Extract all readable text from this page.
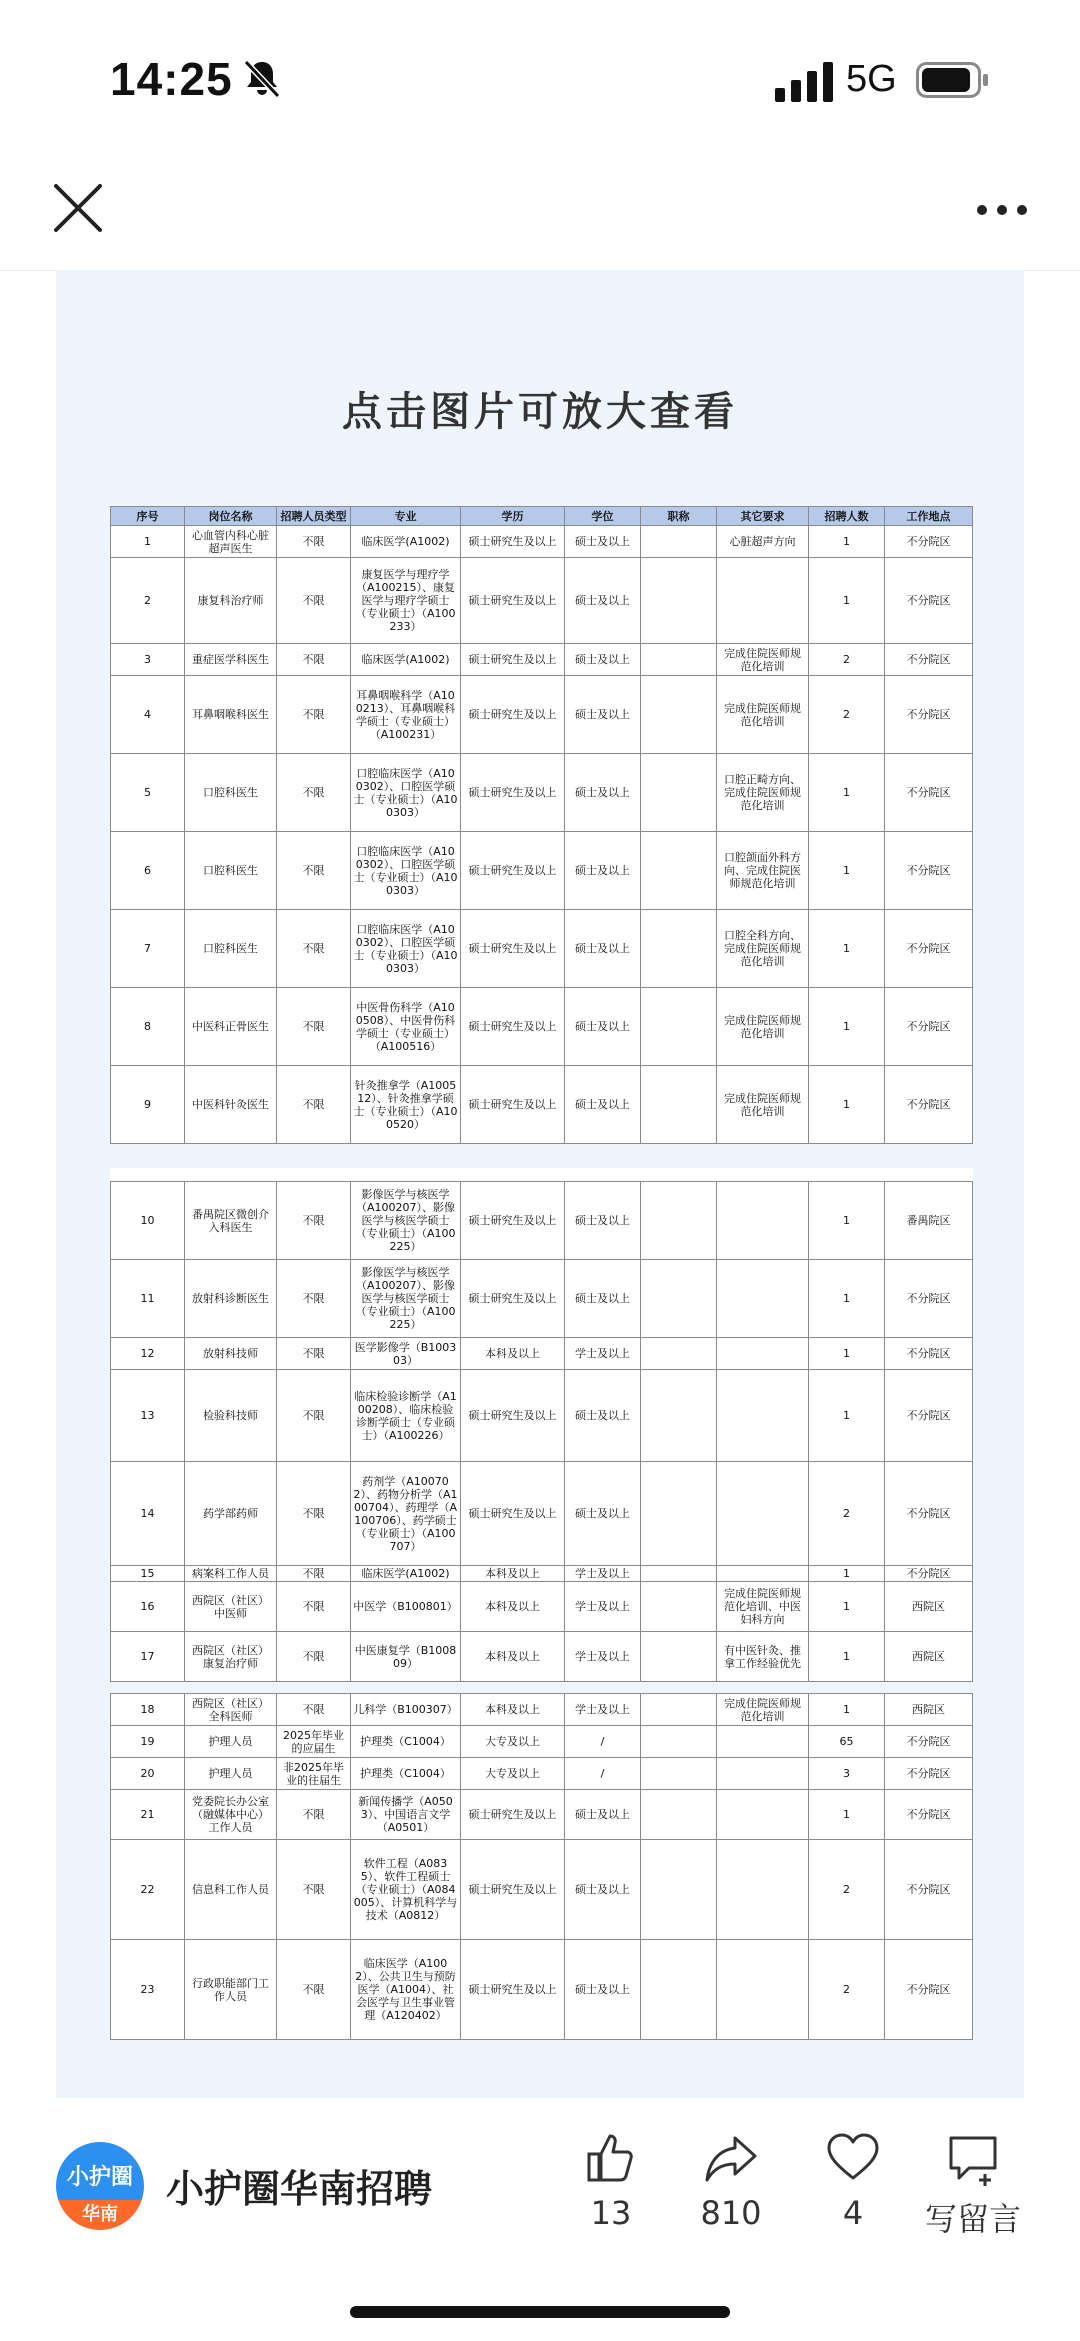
14:25	5G
点击图片可放大查看
序号	岗位名称	招聘人员类型	专业	学历	学位	职称	其它要求	招聘人数	工作地点
1	心血管内科心脏超声医生	不限	临床医学(A1002)	硕士研究生及以上	硕士及以上		心脏超声方向	1	不分院区
2	康复科治疗师	不限	康复医学与理疗学（A100215）、康复医学与理疗学硕士（专业硕士）（A100233）	硕士研究生及以上	硕士及以上			1	不分院区
3	重症医学科医生	不限	临床医学(A1002)	硕士研究生及以上	硕士及以上		完成住院医师规范化培训	2	不分院区
4	耳鼻咽喉科医生	不限	耳鼻咽喉科学（A100213）、耳鼻咽喉科学硕士（专业硕士）（A100231）	硕士研究生及以上	硕士及以上		完成住院医师规范化培训	2	不分院区
5	口腔科医生	不限	口腔临床医学（A100302）、口腔医学硕士（专业硕士）（A100303）	硕士研究生及以上	硕士及以上		口腔正畸方向、完成住院医师规范化培训	1	不分院区
6	口腔科医生	不限	口腔临床医学（A100302）、口腔医学硕士（专业硕士）（A100303）	硕士研究生及以上	硕士及以上		口腔颌面外科方向、完成住院医师规范化培训	1	不分院区
7	口腔科医生	不限	口腔临床医学（A100302）、口腔医学硕士（专业硕士）（A100303）	硕士研究生及以上	硕士及以上		口腔全科方向、完成住院医师规范化培训	1	不分院区
8	中医科正骨医生	不限	中医骨伤科学（A100508）、中医骨伤科学硕士（专业硕士）（A100516）	硕士研究生及以上	硕士及以上		完成住院医师规范化培训	1	不分院区
9	中医科针灸医生	不限	针灸推拿学（A100512）、针灸推拿学硕士（专业硕士）（A100520）	硕士研究生及以上	硕士及以上		完成住院医师规范化培训	1	不分院区

10	番禺院区微创介入科医生	不限	影像医学与核医学（A100207）、影像医学与核医学硕士（专业硕士）（A100225）	硕士研究生及以上	硕士及以上			1	番禺院区
11	放射科诊断医生	不限	影像医学与核医学（A100207）、影像医学与核医学硕士（专业硕士）（A100225）	硕士研究生及以上	硕士及以上			1	不分院区
12	放射科技师	不限	医学影像学（B100303）	本科及以上	学士及以上			1	不分院区
13	检验科技师	不限	临床检验诊断学（A100208）、临床检验诊断学硕士（专业硕士）（A100226）	硕士研究生及以上	硕士及以上			1	不分院区
14	药学部药师	不限	药剂学（A100702）、药物分析学（A100704）、药理学（A100706）、药学硕士（专业硕士）（A100707）	硕士研究生及以上	硕士及以上			2	不分院区
15	病案科工作人员	不限	临床医学(A1002)	本科及以上	学士及以上			1	不分院区
16	西院区（社区）中医师	不限	中医学（B100801）	本科及以上	学士及以上		完成住院医师规范化培训、中医妇科方向	1	西院区
17	西院区（社区）康复治疗师	不限	中医康复学（B100809）	本科及以上	学士及以上		有中医针灸、推拿工作经验优先	1	西院区
18	西院区（社区）全科医师	不限	儿科学（B100307）	本科及以上	学士及以上		完成住院医师规范化培训	1	西院区
19	护理人员	2025年毕业的应届生	护理类（C1004）	大专及以上	/			65	不分院区
20	护理人员	非2025年毕业的往届生	护理类（C1004）	大专及以上	/			3	不分院区
21	党委院长办公室（融媒体中心）工作人员	不限	新闻传播学（A0503）、中国语言文学（A0501）	硕士研究生及以上	硕士及以上			1	不分院区
22	信息科工作人员	不限	软件工程（A0835）、软件工程硕士（专业硕士）（A084005）、计算机科学与技术（A0812）	硕士研究生及以上	硕士及以上			2	不分院区
23	行政职能部门工作人员	不限	临床医学（A1002）、公共卫生与预防医学（A1004）、社会医学与卫生事业管理（A120402）	硕士研究生及以上	硕士及以上			2	不分院区
小护圈
华南
小护圈华南招聘
13	810	4	写留言
